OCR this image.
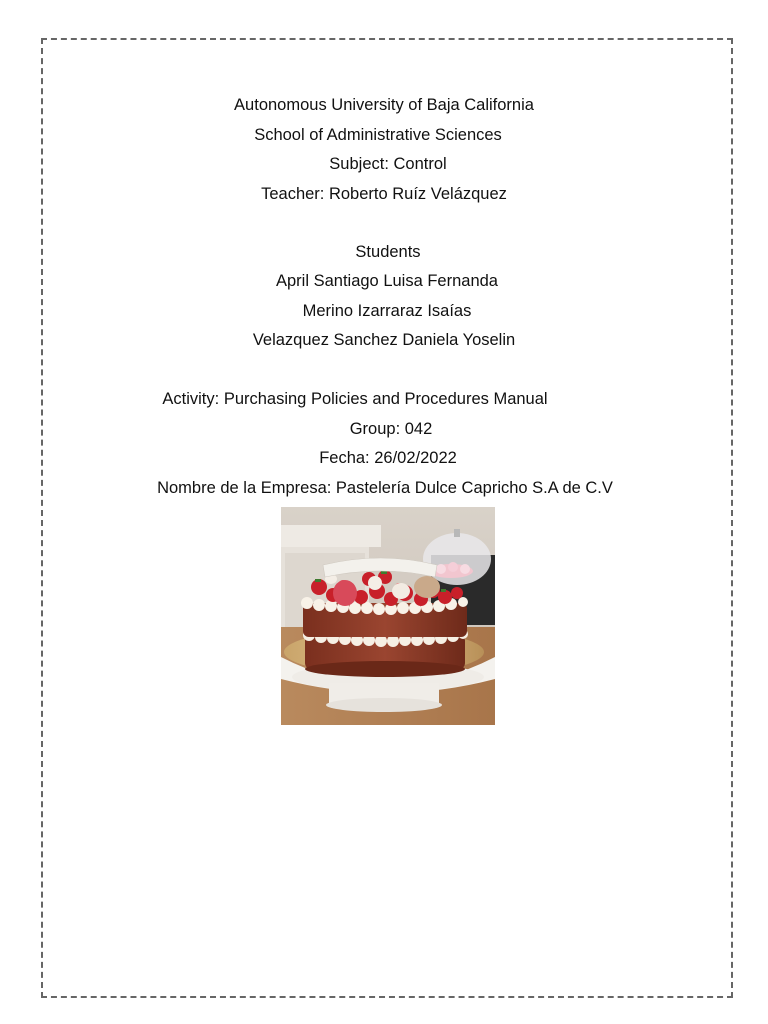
Autonomous University of Baja California
School of Administrative Sciences
Subject: Control
Teacher: Roberto Ruíz Velázquez
Students
April Santiago Luisa Fernanda
Merino Izarraraz Isaías
Velazquez Sanchez Daniela Yoselin
Activity: Purchasing Policies and Procedures Manual
Group: 042
Fecha: 26/02/2022
Nombre de la Empresa: Pastelería Dulce Capricho S.A de C.V
